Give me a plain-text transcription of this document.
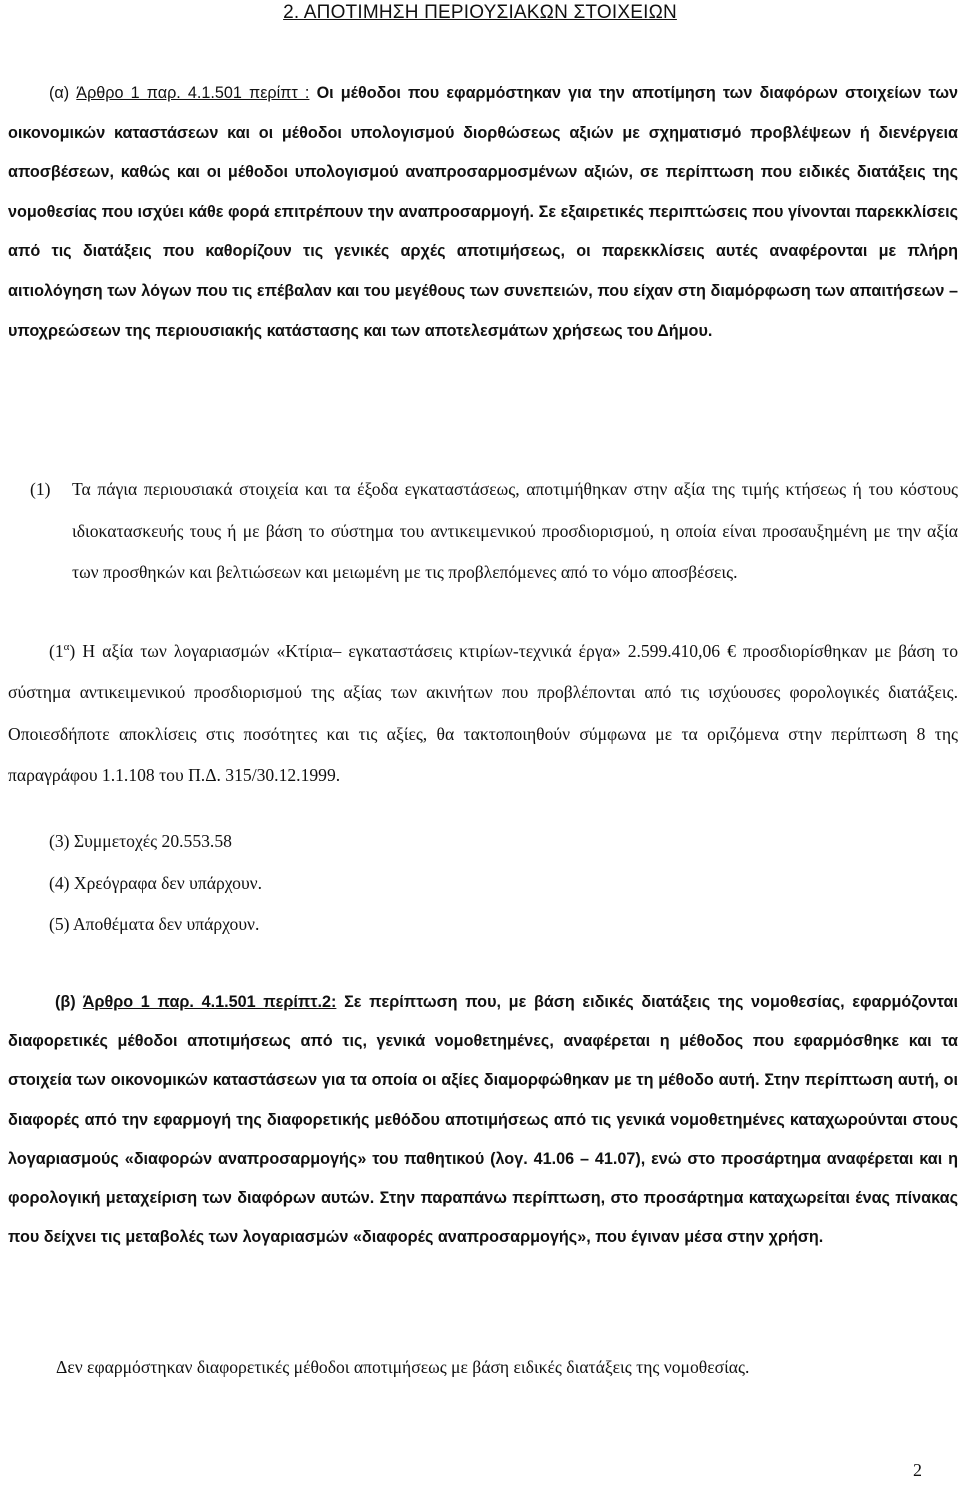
2. ΑΠΟΤΙΜΗΣΗ ΠΕΡΙΟΥΣΙΑΚΩΝ ΣΤΟΙΧΕΙΩΝ
(α) Άρθρο 1 παρ. 4.1.501 περίπτ : Οι μέθοδοι που εφαρμόστηκαν για την αποτίμηση των διαφόρων στοιχείων των οικονομικών καταστάσεων και οι μέθοδοι υπολογισμού διορθώσεως αξιών με σχηματισμό προβλέψεων ή διενέργεια αποσβέσεων, καθώς και οι μέθοδοι υπολογισμού αναπροσαρμοσμένων αξιών, σε περίπτωση που ειδικές διατάξεις της νομοθεσίας που ισχύει κάθε φορά επιτρέπουν την αναπροσαρμογή. Σε εξαιρετικές περιπτώσεις που γίνονται παρεκκλίσεις από τις διατάξεις που καθορίζουν τις γενικές αρχές αποτιμήσεως, οι παρεκκλίσεις αυτές αναφέρονται με πλήρη αιτιολόγηση των λόγων που τις επέβαλαν και του μεγέθους των συνεπειών, που είχαν στη διαμόρφωση των απαιτήσεων – υποχρεώσεων της περιουσιακής κατάστασης και των αποτελεσμάτων χρήσεως του Δήμου.
(1)	Τα πάγια περιουσιακά στοιχεία και τα έξοδα εγκαταστάσεως, αποτιμήθηκαν στην αξία της τιμής κτήσεως ή του κόστους ιδιοκατασκευής τους ή με βάση το σύστημα του αντικειμενικού προσδιορισμού, η οποία είναι προσαυξημένη με την αξία των προσθηκών και βελτιώσεων και μειωμένη με τις προβλεπόμενες από το νόμο αποσβέσεις.
$(1^\alpha)$ Η αξία των λογαριασμών «Κτίρια– εγκαταστάσεις κτιρίων-τεχνικά έργα» 2.599.410,06 € προσδιορίσθηκαν με βάση το σύστημα αντικειμενικού προσδιορισμού της αξίας των ακινήτων που προβλέπονται από τις ισχύουσες φορολογικές διατάξεις. Οποιεσδήποτε αποκλίσεις στις ποσότητες και τις αξίες, θα τακτοποιηθούν σύμφωνα με τα οριζόμενα στην περίπτωση 8 της παραγράφου 1.1.108 του Π.Δ. 315/30.12.1999.
(3) Συμμετοχές 20.553.58
(4) Χρεόγραφα δεν υπάρχουν.
(5) Αποθέματα δεν υπάρχουν.
(β) Άρθρο 1 παρ. 4.1.501 περίπτ.2: Σε περίπτωση που, με βάση ειδικές διατάξεις της νομοθεσίας, εφαρμόζονται διαφορετικές μέθοδοι αποτιμήσεως από τις, γενικά νομοθετημένες, αναφέρεται η μέθοδος που εφαρμόσθηκε και τα στοιχεία των οικονομικών καταστάσεων για τα οποία οι αξίες διαμορφώθηκαν με τη μέθοδο αυτή. Στην περίπτωση αυτή, οι διαφορές από την εφαρμογή της διαφορετικής μεθόδου αποτιμήσεως από τις γενικά νομοθετημένες καταχωρούνται στους λογαριασμούς «διαφορών αναπροσαρμογής» του παθητικού (λογ. 41.06 – 41.07), ενώ στο προσάρτημα αναφέρεται και η φορολογική μεταχείριση των διαφόρων αυτών. Στην παραπάνω περίπτωση, στο προσάρτημα καταχωρείται ένας πίνακας που δείχνει τις μεταβολές των λογαριασμών «διαφορές αναπροσαρμογής», που έγιναν μέσα στην χρήση.
Δεν εφαρμόστηκαν διαφορετικές μέθοδοι αποτιμήσεως με βάση ειδικές διατάξεις της νομοθεσίας.
2
